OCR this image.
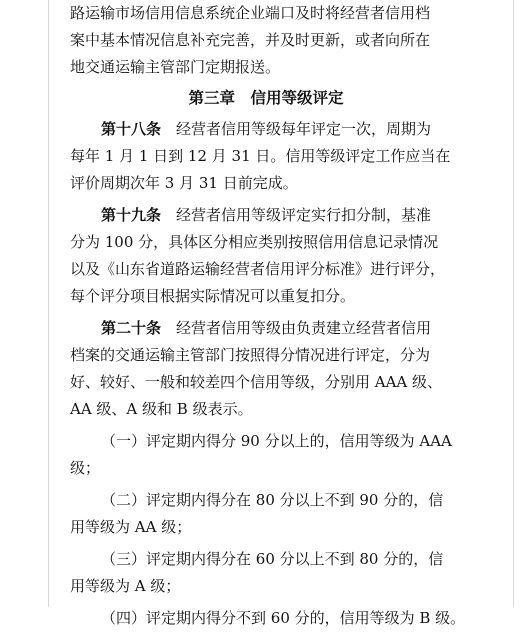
路运输市场信用信息系统企业端口及时将经营者信用档
案中基本情况信息补充完善，并及时更新，或者向所在
地交通运输主管部门定期报送。
第三章　信用等级评定
第十八条　 经营者信用等级每年评定一次，周期为
每年 1 月 1 日到 12 月 31 日。信用等级评定工作应当在
评价周期次年 3 月 31 日前完成。
第十九条　 经营者信用等级评定实行扣分制，基准
分为 100 分，具体区分相应类别按照信用信息记录情况
以及《山东省道路运输经营者信用评分标准》进行评分，
每个评分项目根据实际情况可以重复扣分。
第二十条　 经营者信用等级由负责建立经营者信用
档案的交通运输主管部门按照得分情况进行评定，分为
好、较好、一般和较差四个信用等级，分别用 AAA 级、
AA 级、A 级和 B 级表示。
（一）评定期内得分 90 分以上的，信用等级为 AAA
级；
（二）评定期内得分在 80 分以上不到 90 分的，信
用等级为 AA 级；
（三）评定期内得分在 60 分以上不到 80 分的，信
用等级为 A 级；
（四）评定期内得分不到 60 分的，信用等级为 B 级。
